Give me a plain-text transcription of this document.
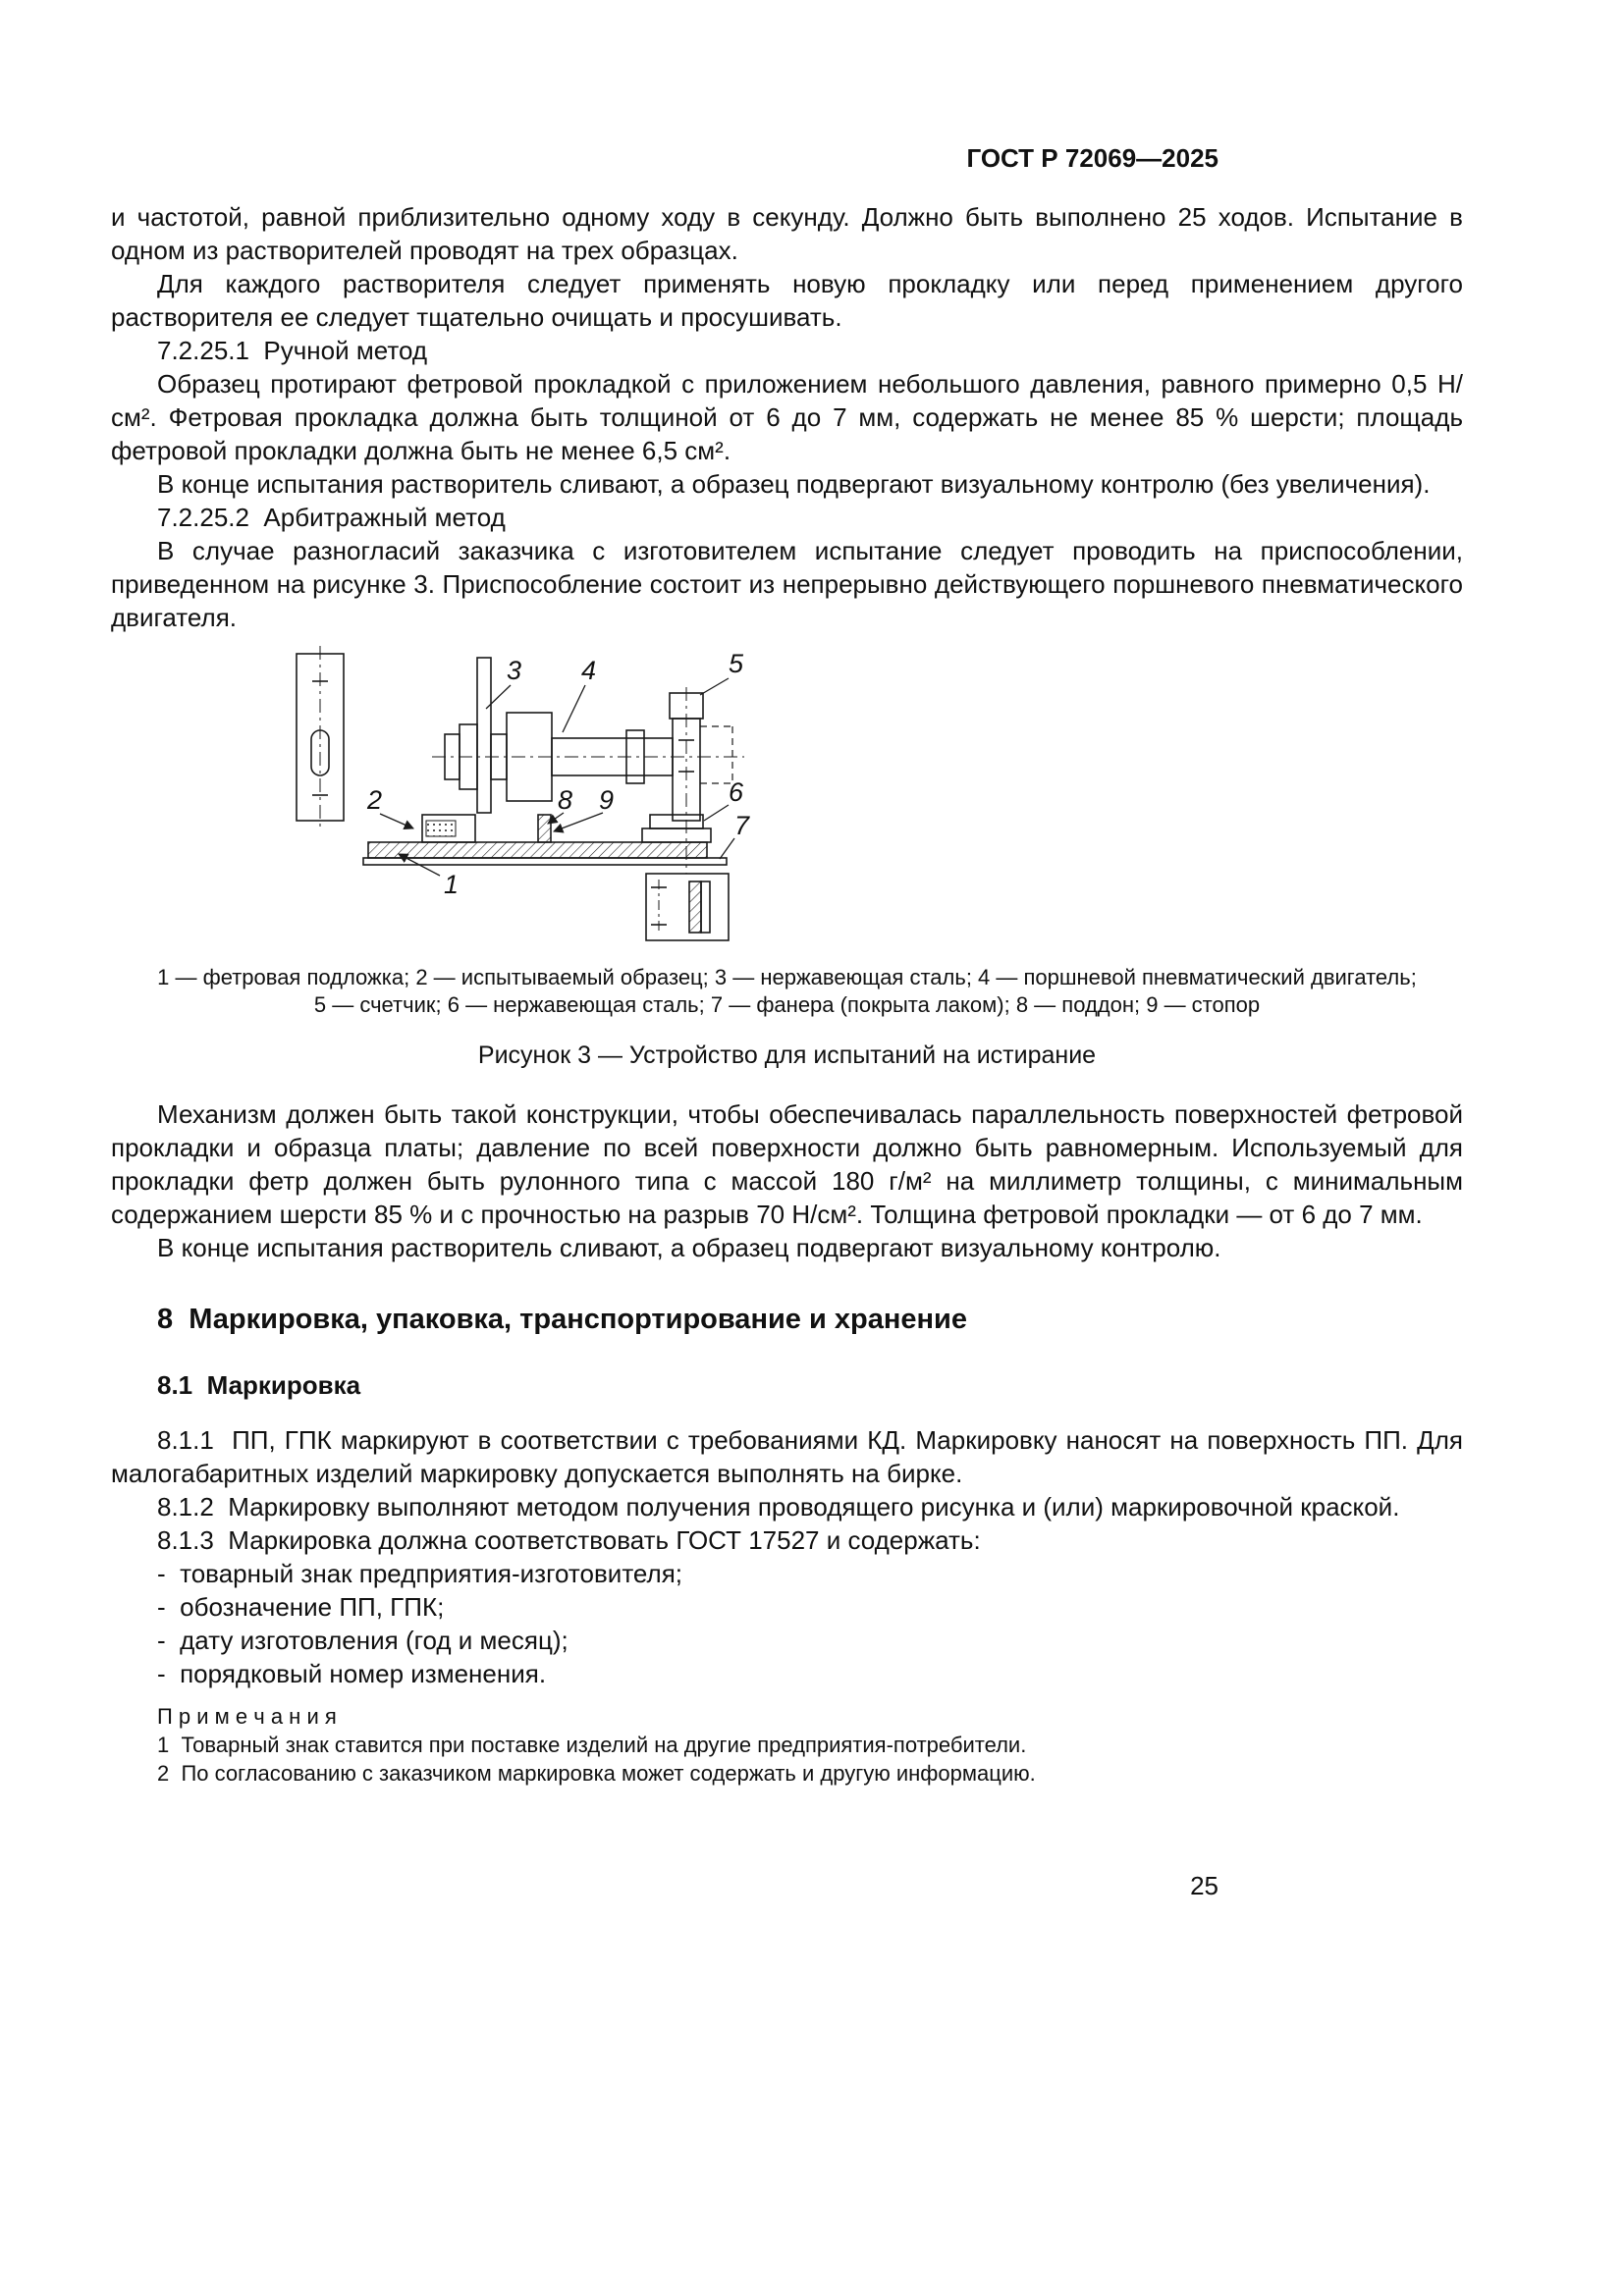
ГОСТ Р 72069—2025

и частотой, равной приблизительно одному ходу в секунду. Должно быть выполнено 25 ходов. Испытание в одном из растворителей проводят на трех образцах.

Для каждого растворителя следует применять новую прокладку или перед применением другого растворителя ее следует тщательно очищать и просушивать.

7.2.25.1  Ручной метод

Образец протирают фетровой прокладкой с приложением небольшого давления, равного примерно 0,5 Н/см². Фетровая прокладка должна быть толщиной от 6 до 7 мм, содержать не менее 85 % шерсти; площадь фетровой прокладки должна быть не менее 6,5 см².

В конце испытания растворитель сливают, а образец подвергают визуальному контролю (без увеличения).

7.2.25.2  Арбитражный метод

В случае разногласий заказчика с изготовителем испытание следует проводить на приспособлении, приведенном на рисунке 3. Приспособление состоит из непрерывно действующего поршневого пневматического двигателя.

1
2
3 4	5
6
7
8 9
1 — фетровая подложка; 2 — испытываемый образец; 3 — нержавеющая сталь; 4 — поршневой пневматический двигатель;
5 — счетчик; 6 — нержавеющая сталь; 7 — фанера (покрыта лаком); 8 — поддон; 9 — стопор
Рисунок 3 — Устройство для испытаний на истирание

Механизм должен быть такой конструкции, чтобы обеспечивалась параллельность поверхностей фетровой прокладки и образца платы; давление по всей поверхности должно быть равномерным. Используемый для прокладки фетр должен быть рулонного типа с массой 180 г/м² на миллиметр толщины, с минимальным содержанием шерсти 85 % и с прочностью на разрыв 70 Н/см². Толщина фетровой прокладки — от 6 до 7 мм.

В конце испытания растворитель сливают, а образец подвергают визуальному контролю.

8  Маркировка, упаковка, транспортирование и хранение
8.1  Маркировка

8.1.1  ПП, ГПК маркируют в соответствии с требованиями КД. Маркировку наносят на поверхность ПП. Для малогабаритных изделий маркировку допускается выполнять на бирке.

8.1.2  Маркировку выполняют методом получения проводящего рисунка и (или) маркировочной краской.

8.1.3  Маркировка должна соответствовать ГОСТ 17527 и содержать:

-  товарный знак предприятия-изготовителя;
-  обозначение ПП, ГПК;
-  дату изготовления (год и месяц);
-  порядковый номер изменения.
П р и м е ч а н и я
1  Товарный знак ставится при поставке изделий на другие предприятия-потребители.
2  По согласованию с заказчиком маркировка может содержать и другую информацию.
25
